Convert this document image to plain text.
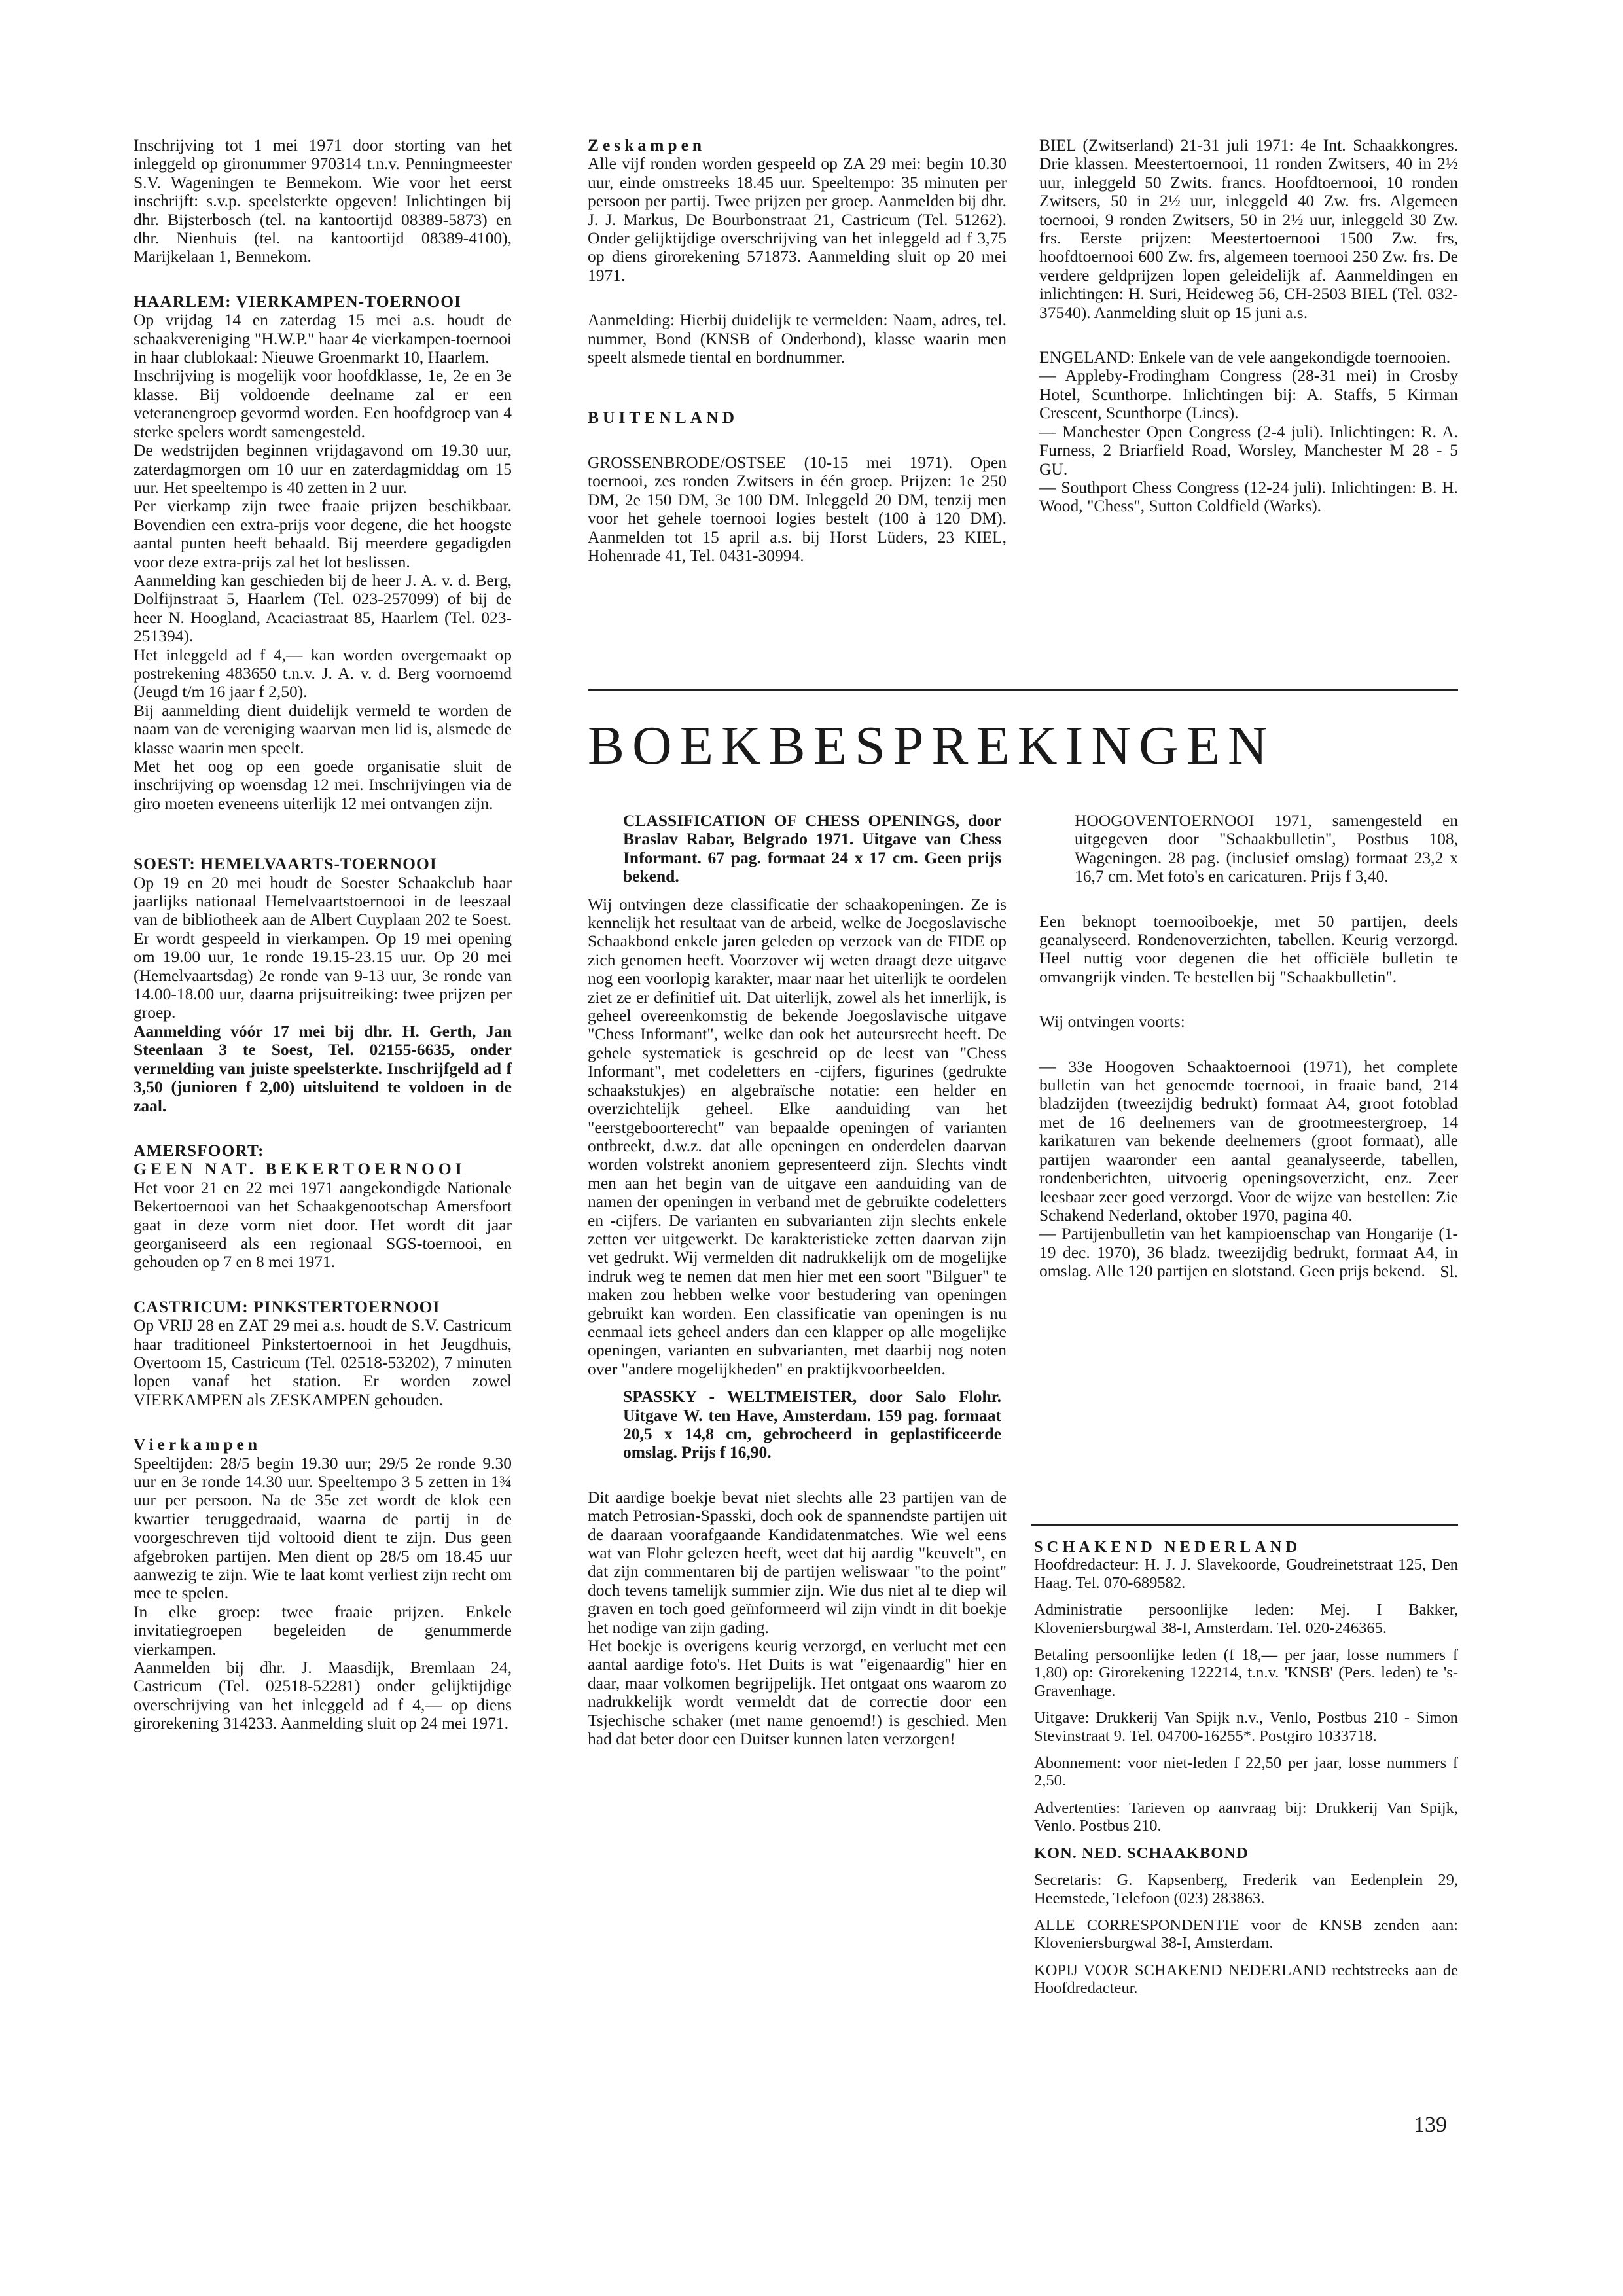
Inschrijving tot 1 mei 1971 door storting van het inleggeld op gironummer 970314 t.n.v. Penningmeester S.V. Wageningen te Bennekom. Wie voor het eerst inschrijft: s.v.p. speelsterkte opgeven! Inlichtingen bij dhr. Bijsterbosch (tel. na kantoortijd 08389-5873) en dhr. Nienhuis (tel. na kantoortijd 08389-4100), Marijkelaan 1, Bennekom.

HAARLEM: VIERKAMPEN-TOERNOOI

Op vrijdag 14 en zaterdag 15 mei a.s. houdt de schaakvereniging "H.W.P." haar 4e vierkampen-toernooi in haar clublokaal: Nieuwe Groenmarkt 10, Haarlem.

Inschrijving is mogelijk voor hoofdklasse, 1e, 2e en 3e klasse. Bij voldoende deelname zal er een veteranengroep gevormd worden. Een hoofdgroep van 4 sterke spelers wordt samengesteld.

De wedstrijden beginnen vrijdagavond om 19.30 uur, zaterdagmorgen om 10 uur en zaterdagmiddag om 15 uur. Het speeltempo is 40 zetten in 2 uur.

Per vierkamp zijn twee fraaie prijzen beschikbaar. Bovendien een extra-prijs voor degene, die het hoogste aantal punten heeft behaald. Bij meerdere gegadigden voor deze extra-prijs zal het lot beslissen.

Aanmelding kan geschieden bij de heer J. A. v. d. Berg, Dolfijnstraat 5, Haarlem (Tel. 023-257099) of bij de heer N. Hoogland, Acaciastraat 85, Haarlem (Tel. 023-251394).

Het inleggeld ad f 4,— kan worden overgemaakt op postrekening 483650 t.n.v. J. A. v. d. Berg voornoemd (Jeugd t/m 16 jaar f 2,50).

Bij aanmelding dient duidelijk vermeld te worden de naam van de vereniging waarvan men lid is, alsmede de klasse waarin men speelt.

Met het oog op een goede organisatie sluit de inschrijving op woensdag 12 mei. Inschrijvingen via de giro moeten eveneens uiterlijk 12 mei ontvangen zijn.

SOEST: HEMELVAARTS-TOERNOOI

Op 19 en 20 mei houdt de Soester Schaakclub haar jaarlijks nationaal Hemelvaartstoernooi in de leeszaal van de bibliotheek aan de Albert Cuyplaan 202 te Soest. Er wordt gespeeld in vierkampen. Op 19 mei opening om 19.00 uur, 1e ronde 19.15-23.15 uur. Op 20 mei (Hemelvaartsdag) 2e ronde van 9-13 uur, 3e ronde van 14.00-18.00 uur, daarna prijsuitreiking: twee prijzen per groep.

Aanmelding vóór 17 mei bij dhr. H. Gerth, Jan Steenlaan 3 te Soest, Tel. 02155-6635, onder vermelding van juiste speelsterkte. Inschrijfgeld ad f 3,50 (junioren f 2,00) uitsluitend te voldoen in de zaal.

AMERSFOORT:

GEEN NAT. BEKERTOERNOOI

Het voor 21 en 22 mei 1971 aangekondigde Nationale Bekertoernooi van het Schaakgenootschap Amersfoort gaat in deze vorm niet door. Het wordt dit jaar georganiseerd als een regionaal SGS-toernooi, en gehouden op 7 en 8 mei 1971.

CASTRICUM: PINKSTERTOERNOOI

Op VRIJ 28 en ZAT 29 mei a.s. houdt de S.V. Castricum haar traditioneel Pinkstertoernooi in het Jeugdhuis, Overtoom 15, Castricum (Tel. 02518-53202), 7 minuten lopen vanaf het station. Er worden zowel VIERKAMPEN als ZESKAMPEN gehouden.

Vierkampen

Speeltijden: 28/5 begin 19.30 uur; 29/5 2e ronde 9.30 uur en 3e ronde 14.30 uur. Speeltempo 3 5 zetten in 1¾ uur per persoon. Na de 35e zet wordt de klok een kwartier teruggedraaid, waarna de partij in de voorgeschreven tijd voltooid dient te zijn. Dus geen afgebroken partijen. Men dient op 28/5 om 18.45 uur aanwezig te zijn. Wie te laat komt verliest zijn recht om mee te spelen.

In elke groep: twee fraaie prijzen. Enkele invitatiegroepen begeleiden de genummerde vierkampen.

Aanmelden bij dhr. J. Maasdijk, Bremlaan 24, Castricum (Tel. 02518-52281) onder gelijktijdige overschrijving van het inleggeld ad f 4,— op diens girorekening 314233. Aanmelding sluit op 24 mei 1971.

Zeskampen

Alle vijf ronden worden gespeeld op ZA 29 mei: begin 10.30 uur, einde omstreeks 18.45 uur. Speeltempo: 35 minuten per persoon per partij. Twee prijzen per groep. Aanmelden bij dhr. J. J. Markus, De Bourbonstraat 21, Castricum (Tel. 51262). Onder gelijktijdige overschrijving van het inleggeld ad f 3,75 op diens girorekening 571873. Aanmelding sluit op 20 mei 1971.

Aanmelding: Hierbij duidelijk te vermelden: Naam, adres, tel. nummer, Bond (KNSB of Onderbond), klasse waarin men speelt alsmede tiental en bordnummer.

BUITENLAND

GROSSENBRODE/OSTSEE (10-15 mei 1971). Open toernooi, zes ronden Zwitsers in één groep. Prijzen: 1e 250 DM, 2e 150 DM, 3e 100 DM. Inleggeld 20 DM, tenzij men voor het gehele toernooi logies bestelt (100 à 120 DM). Aanmelden tot 15 april a.s. bij Horst Lüders, 23 KIEL, Hohenrade 41, Tel. 0431-30994.

BIEL (Zwitserland) 21-31 juli 1971: 4e Int. Schaakkongres. Drie klassen. Meestertoernooi, 11 ronden Zwitsers, 40 in 2½ uur, inleggeld 50 Zwits. francs. Hoofdtoernooi, 10 ronden Zwitsers, 50 in 2½ uur, inleggeld 40 Zw. frs. Algemeen toernooi, 9 ronden Zwitsers, 50 in 2½ uur, inleggeld 30 Zw. frs. Eerste prijzen: Meestertoernooi 1500 Zw. frs, hoofdtoernooi 600 Zw. frs, algemeen toernooi 250 Zw. frs. De verdere geldprijzen lopen geleidelijk af. Aanmeldingen en inlichtingen: H. Suri, Heideweg 56, CH-2503 BIEL (Tel. 032-37540). Aanmelding sluit op 15 juni a.s.

ENGELAND: Enkele van de vele aangekondigde toernooien.

— Appleby-Frodingham Congress (28-31 mei) in Crosby Hotel, Scunthorpe. Inlichtingen bij: A. Staffs, 5 Kirman Crescent, Scunthorpe (Lincs).

— Manchester Open Congress (2-4 juli). Inlichtingen: R. A. Furness, 2 Briarfield Road, Worsley, Manchester M 28 - 5 GU.

— Southport Chess Congress (12-24 juli). Inlichtingen: B. H. Wood, "Chess", Sutton Coldfield (Warks).

BOEKBESPREKINGEN

CLASSIFICATION OF CHESS OPENINGS, door Braslav Rabar, Belgrado 1971. Uitgave van Chess Informant. 67 pag. formaat 24 x 17 cm. Geen prijs bekend.

Wij ontvingen deze classificatie der schaakopeningen. Ze is kennelijk het resultaat van de arbeid, welke de Joegoslavische Schaakbond enkele jaren geleden op verzoek van de FIDE op zich genomen heeft. Voorzover wij weten draagt deze uitgave nog een voorlopig karakter, maar naar het uiterlijk te oordelen ziet ze er definitief uit. Dat uiterlijk, zowel als het innerlijk, is geheel overeenkomstig de bekende Joegoslavische uitgave "Chess Informant", welke dan ook het auteursrecht heeft. De gehele systematiek is geschreid op de leest van "Chess Informant", met codeletters en -cijfers, figurines (gedrukte schaakstukjes) en algebraïsche notatie: een helder en overzichtelijk geheel. Elke aanduiding van het "eerstgeboorterecht" van bepaalde openingen of varianten ontbreekt, d.w.z. dat alle openingen en onderdelen daarvan worden volstrekt anoniem gepresenteerd zijn. Slechts vindt men aan het begin van de uitgave een aanduiding van de namen der openingen in verband met de gebruikte codeletters en -cijfers. De varianten en subvarianten zijn slechts enkele zetten ver uitgewerkt. De karakteristieke zetten daarvan zijn vet gedrukt. Wij vermelden dit nadrukkelijk om de mogelijke indruk weg te nemen dat men hier met een soort "Bilguer" te maken zou hebben welke voor bestudering van openingen gebruikt kan worden. Een classificatie van openingen is nu eenmaal iets geheel anders dan een klapper op alle mogelijke openingen, varianten en subvarianten, met daarbij nog noten over "andere mogelijkheden" en praktijkvoorbeelden.

SPASSKY - WELTMEISTER, door Salo Flohr. Uitgave W. ten Have, Amsterdam. 159 pag. formaat 20,5 x 14,8 cm, gebrocheerd in geplastificeerde omslag. Prijs f 16,90.

Dit aardige boekje bevat niet slechts alle 23 partijen van de match Petrosian-Spasski, doch ook de spannendste partijen uit de daaraan voorafgaande Kandidatenmatches. Wie wel eens wat van Flohr gelezen heeft, weet dat hij aardig "keuvelt", en dat zijn commentaren bij de partijen weliswaar "to the point" doch tevens tamelijk summier zijn. Wie dus niet al te diep wil graven en toch goed geïnformeerd wil zijn vindt in dit boekje het nodige van zijn gading.

Het boekje is overigens keurig verzorgd, en verlucht met een aantal aardige foto's. Het Duits is wat "eigenaardig" hier en daar, maar volkomen begrijpelijk. Het ontgaat ons waarom zo nadrukkelijk wordt vermeldt dat de correctie door een Tsjechische schaker (met name genoemd!) is geschied. Men had dat beter door een Duitser kunnen laten verzorgen!

HOOGOVENTOERNOOI 1971, samengesteld en uitgegeven door "Schaakbulletin", Postbus 108, Wageningen. 28 pag. (inclusief omslag) formaat 23,2 x 16,7 cm. Met foto's en caricaturen. Prijs f 3,40.

Een beknopt toernooiboekje, met 50 partijen, deels geanalyseerd. Rondenoverzichten, tabellen. Keurig verzorgd. Heel nuttig voor degenen die het officiële bulletin te omvangrijk vinden. Te bestellen bij "Schaakbulletin".

Wij ontvingen voorts:

— 33e Hoogoven Schaaktoernooi (1971), het complete bulletin van het genoemde toernooi, in fraaie band, 214 bladzijden (tweezijdig bedrukt) formaat A4, groot fotoblad met de 16 deelnemers van de grootmeestergroep, 14 karikaturen van bekende deelnemers (groot formaat), alle partijen waaronder een aantal geanalyseerde, tabellen, rondenberichten, uitvoerig openingsoverzicht, enz. Zeer leesbaar zeer goed verzorgd. Voor de wijze van bestellen: Zie Schakend Nederland, oktober 1970, pagina 40.

— Partijenbulletin van het kampioenschap van Hongarije (1-19 dec. 1970), 36 bladz. tweezijdig bedrukt, formaat A4, in omslag. Alle 120 partijen en slotstand. Geen prijs bekend. Sl.

SCHAKEND NEDERLAND

Hoofdredacteur: H. J. J. Slavekoorde, Goudreinetstraat 125, Den Haag. Tel. 070-689582.

Administratie persoonlijke leden: Mej. I Bakker, Kloveniersburgwal 38-I, Amsterdam. Tel. 020-246365.

Betaling persoonlijke leden (f 18,— per jaar, losse nummers f 1,80) op: Girorekening 122214, t.n.v. 'KNSB' (Pers. leden) te 's-Gravenhage.

Uitgave: Drukkerij Van Spijk n.v., Venlo, Postbus 210 - Simon Stevinstraat 9. Tel. 04700-16255*. Postgiro 1033718.

Abonnement: voor niet-leden f 22,50 per jaar, losse nummers f 2,50.

Advertenties: Tarieven op aanvraag bij: Drukkerij Van Spijk, Venlo. Postbus 210.

KON. NED. SCHAAKBOND

Secretaris: G. Kapsenberg, Frederik van Eedenplein 29, Heemstede, Telefoon (023) 283863.

ALLE CORRESPONDENTIE voor de KNSB zenden aan: Kloveniersburgwal 38-I, Amsterdam.

KOPIJ VOOR SCHAKEND NEDERLAND rechtstreeks aan de Hoofdredacteur.

139
